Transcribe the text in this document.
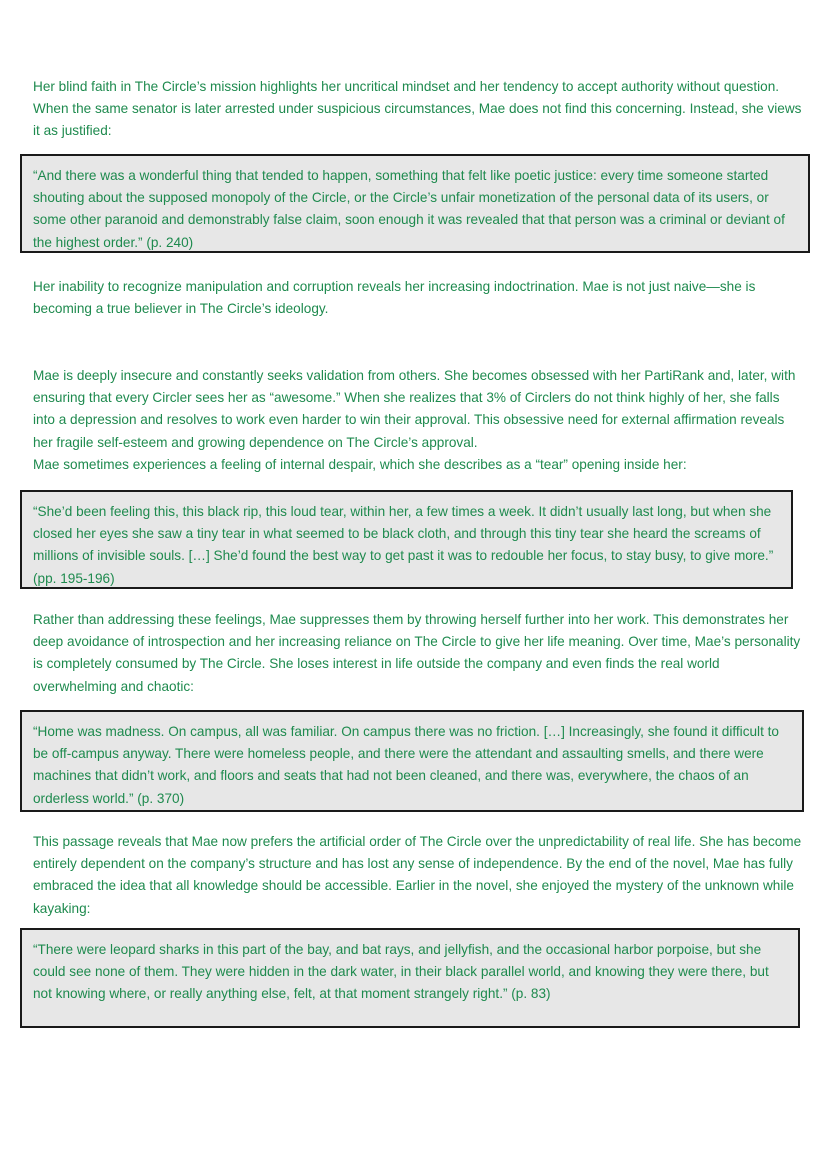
Her blind faith in The Circle’s mission highlights her uncritical mindset and her tendency to accept authority without question. When the same senator is later arrested under suspicious circumstances, Mae does not find this concerning. Instead, she views it as justified:

“And there was a wonderful thing that tended to happen, something that felt like poetic justice: every time someone started shouting about the supposed monopoly of the Circle, or the Circle’s unfair monetization of the personal data of its users, or some other paranoid and demonstrably false claim, soon enough it was revealed that that person was a criminal or deviant of the highest order.” (p. 240)

Her inability to recognize manipulation and corruption reveals her increasing indoctrination. Mae is not just naive—she is becoming a true believer in The Circle’s ideology.

Mae is deeply insecure and constantly seeks validation from others. She becomes obsessed with her PartiRank and, later, with ensuring that every Circler sees her as “awesome.” When she realizes that 3% of Circlers do not think highly of her, she falls into a depression and resolves to work even harder to win their approval. This obsessive need for external affirmation reveals her fragile self-esteem and growing dependence on The Circle’s approval.

Mae sometimes experiences a feeling of internal despair, which she describes as a “tear” opening inside her:

“She’d been feeling this, this black rip, this loud tear, within her, a few times a week. It didn’t usually last long, but when she closed her eyes she saw a tiny tear in what seemed to be black cloth, and through this tiny tear she heard the screams of millions of invisible souls. […] She’d found the best way to get past it was to redouble her focus, to stay busy, to give more.” (pp. 195-196)

Rather than addressing these feelings, Mae suppresses them by throwing herself further into her work. This demonstrates her deep avoidance of introspection and her increasing reliance on The Circle to give her life meaning. Over time, Mae’s personality is completely consumed by The Circle. She loses interest in life outside the company and even finds the real world overwhelming and chaotic:

“Home was madness. On campus, all was familiar. On campus there was no friction. […] Increasingly, she found it difficult to be off-campus anyway. There were homeless people, and there were the attendant and assaulting smells, and there were machines that didn’t work, and floors and seats that had not been cleaned, and there was, everywhere, the chaos of an orderless world.” (p. 370)

This passage reveals that Mae now prefers the artificial order of The Circle over the unpredictability of real life. She has become entirely dependent on the company’s structure and has lost any sense of independence. By the end of the novel, Mae has fully embraced the idea that all knowledge should be accessible. Earlier in the novel, she enjoyed the mystery of the unknown while kayaking:

“There were leopard sharks in this part of the bay, and bat rays, and jellyfish, and the occasional harbor porpoise, but she could see none of them. They were hidden in the dark water, in their black parallel world, and knowing they were there, but not knowing where, or really anything else, felt, at that moment strangely right.” (p. 83)
